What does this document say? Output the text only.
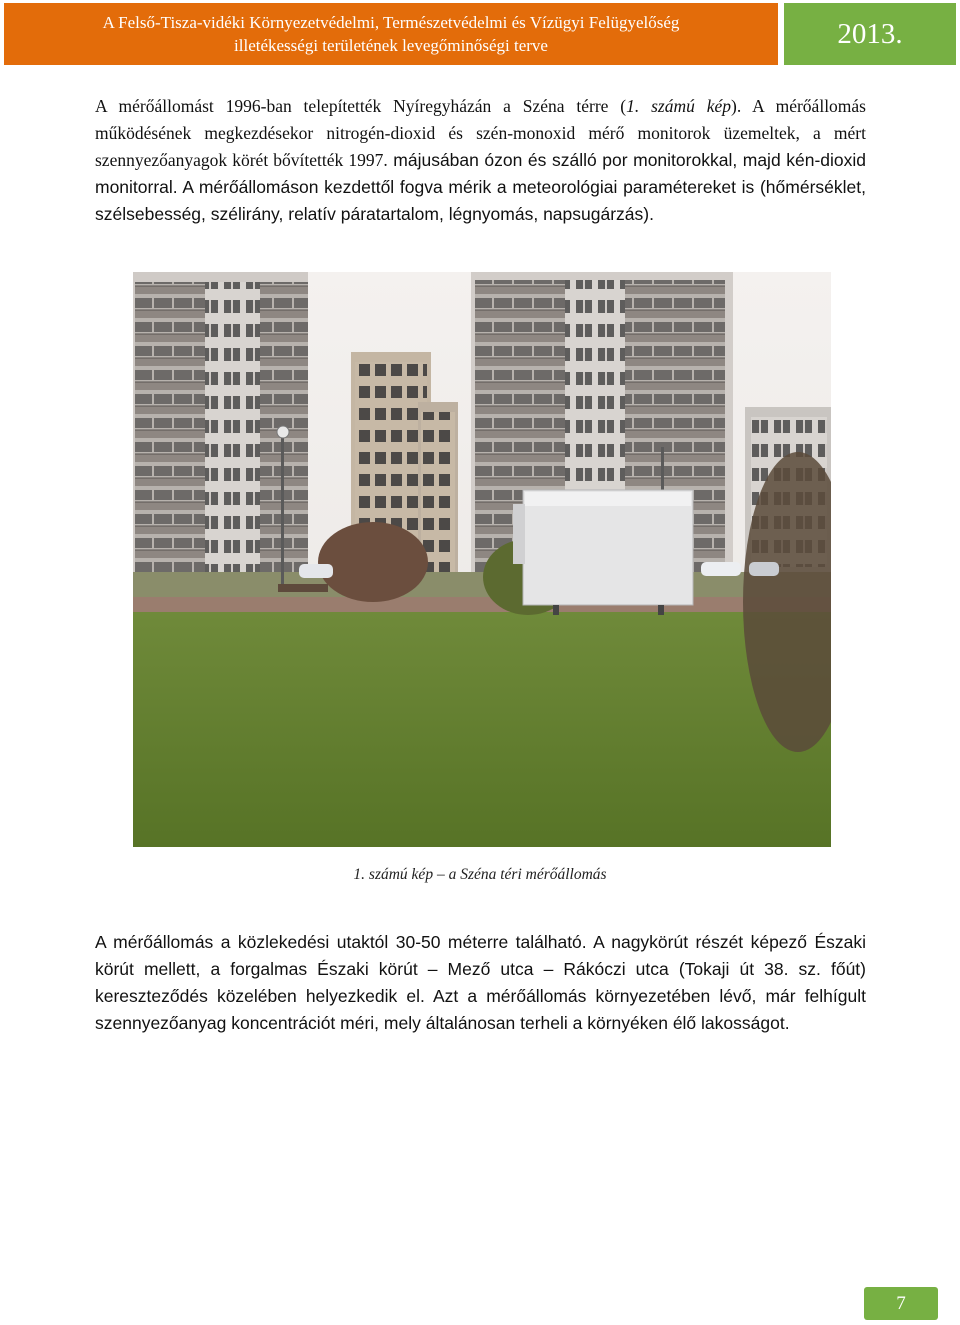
A Felső-Tisza-vidéki Környezetvédelmi, Természetvédelmi és Vízügyi Felügyelőség
illetékességi területének levegőminőségi terve	2013.

A mérőállomást 1996-ban telepítették Nyíregyházán a Széna térre (1. számú kép). A mérőállomás működésének megkezdésekor nitrogén-dioxid és szén-monoxid mérő monitorok üzemeltek, a mért szennyezőanyagok körét bővítették 1997. májusában ózon és szálló por monitorokkal, majd kén-dioxid monitorral. A mérőállomáson kezdettől fogva mérik a meteorológiai paramétereket is (hőmérséklet, szélsebesség, szélirány, relatív páratartalom, légnyomás, napsugárzás).

1. számú kép – a Széna téri mérőállomás

A mérőállomás a közlekedési utaktól 30-50 méterre található. A nagykörút részét képező Északi körút mellett, a forgalmas Északi körút – Mező utca – Rákóczi utca (Tokaji út 38. sz. főút) kereszteződés közelében helyezkedik el. Azt a mérőállomás környezetében lévő, már felhígult szennyezőanyag koncentrációt méri, mely általánosan terheli a környéken élő lakosságot.

7
